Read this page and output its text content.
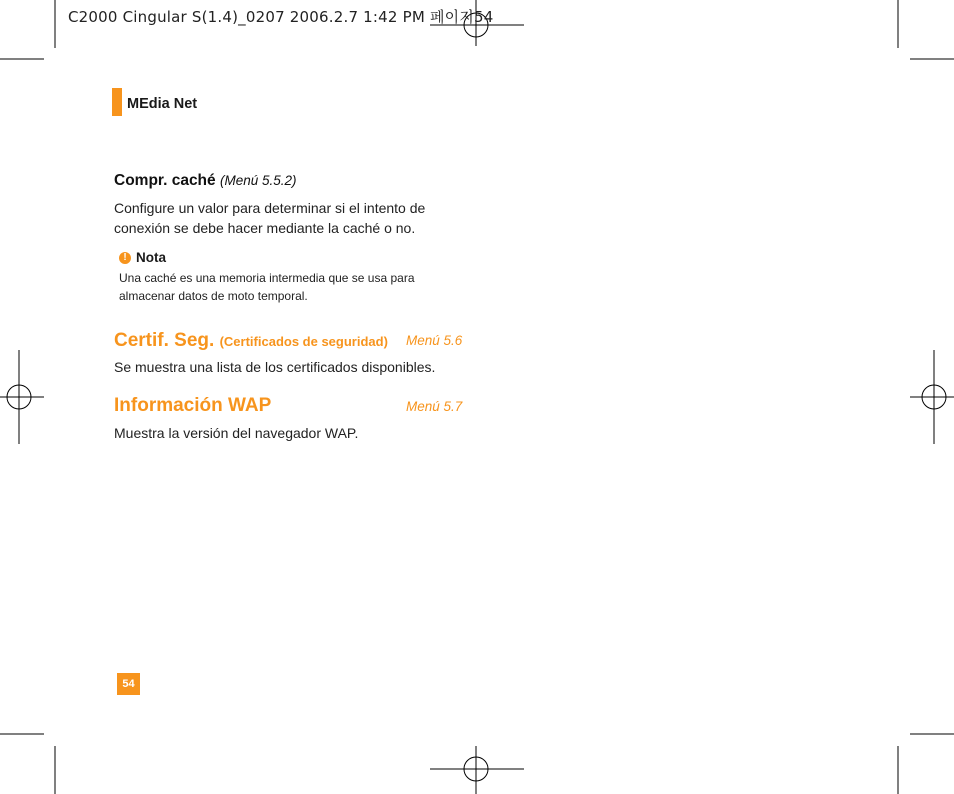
C2000 Cingular S(1.4)_0207 2006.2.7 1:42 PM 페이지54
MEdia Net
Compr. caché (Menú 5.5.2)
Configure un valor para determinar si el intento de
conexión se debe hacer mediante la caché o no.
! Nota
Una caché es una memoria intermedia que se usa para
almacenar datos de moto temporal.
Certif. Seg. (Certificados de seguridad) Menú 5.6
Se muestra una lista de los certificados disponibles.
Información WAP	Menú 5.7
Muestra la versión del navegador WAP.
54
